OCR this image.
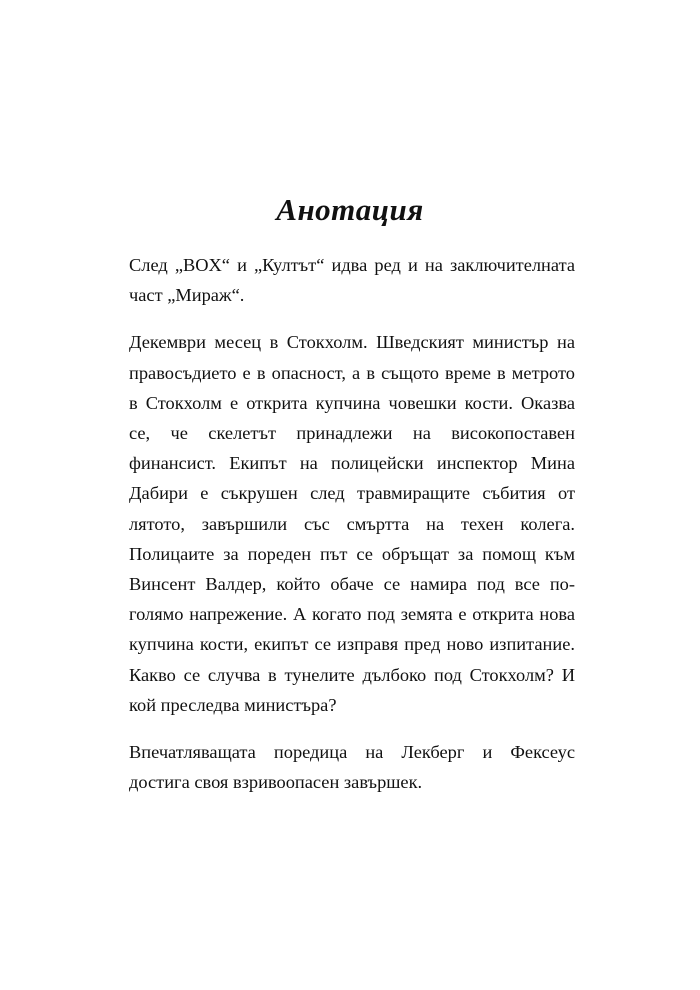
Анотация

След „BOX“ и „Култът“ идва ред и на заключителната
част „Мираж“.

Декември месец в Стокхолм. Шведският министър на
правосъдието е в опасност, а в същото време в метрото
в Стокхолм е открита купчина човешки кости. Оказва
се, че скелетът принадлежи на високопоставен
финансист. Екипът на полицейски инспектор Мина
Дабири е съкрушен след травмиращите събития от
лятото, завършили със смъртта на техен колега.
Полицаите за пореден път се обръщат за помощ към
Винсент Валдер, който обаче се намира под все по-
голямо напрежение. А когато под земята е открита нова
купчина кости, екипът се изправя пред ново изпитание.
Какво се случва в тунелите дълбоко под Стокхолм? И
кой преследва министъра?

Впечатляващата поредица на Лекберг и Фексеус
достига своя взривоопасен завършек.
